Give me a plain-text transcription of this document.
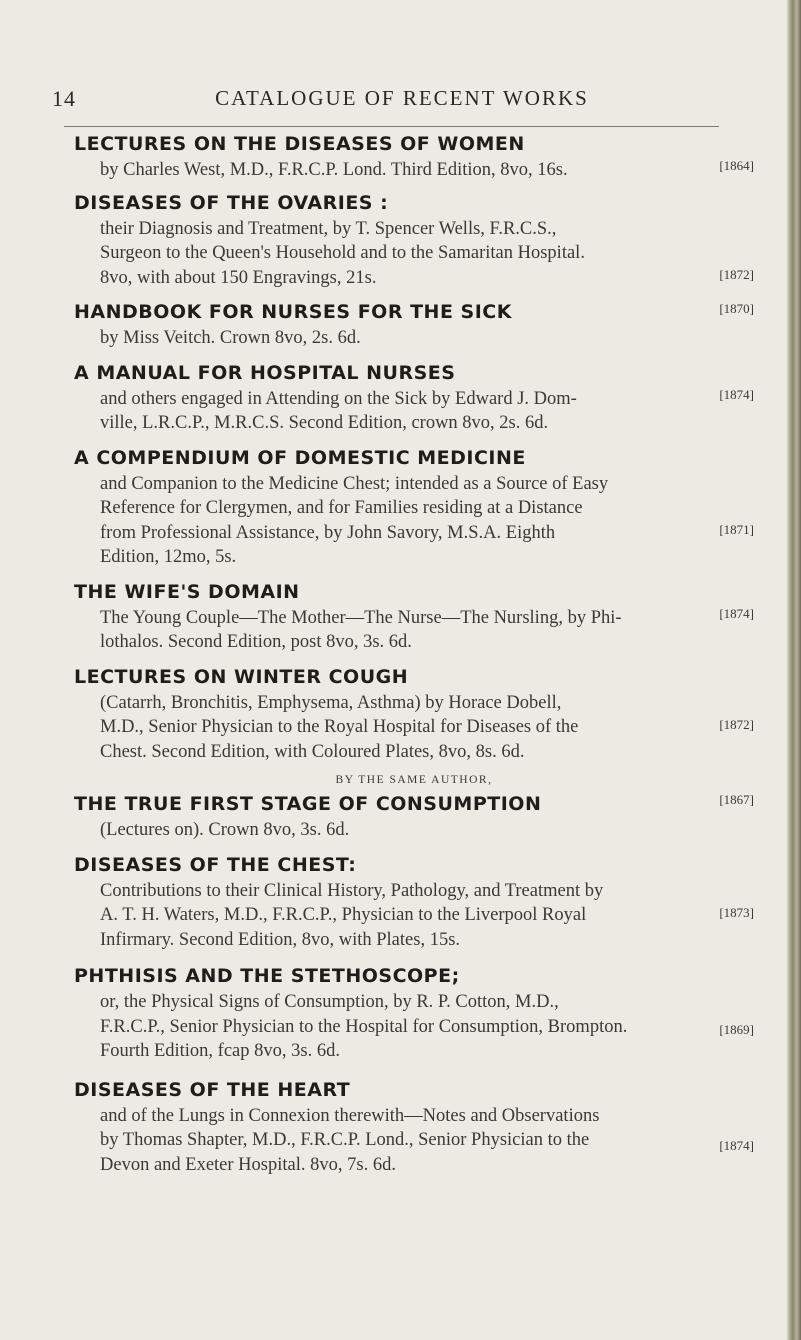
14	CATALOGUE OF RECENT WORKS
LECTURES ON THE DISEASES OF WOMEN
by Charles West, M.D., F.R.C.P. Lond. Third Edition, 8vo, 16s.	[1864]
DISEASES OF THE OVARIES :
their Diagnosis and Treatment, by T. Spencer Wells, F.R.C.S.,
Surgeon to the Queen's Household and to the Samaritan Hospital.
8vo, with about 150 Engravings, 21s.	[1872]
HANDBOOK FOR NURSES FOR THE SICK
by Miss Veitch. Crown 8vo, 2s. 6d.
[1870]
A MANUAL FOR HOSPITAL NURSES
and others engaged in Attending on the Sick by Edward J. Dom-
ville, L.R.C.P., M.R.C.S. Second Edition, crown 8vo, 2s. 6d.
[1874]
A COMPENDIUM OF DOMESTIC MEDICINE
and Companion to the Medicine Chest; intended as a Source of Easy
Reference for Clergymen, and for Families residing at a Distance
from Professional Assistance, by John Savory, M.S.A. Eighth
Edition, 12mo, 5s.
[1871]
THE WIFE'S DOMAIN
The Young Couple—The Mother—The Nurse—The Nursling, by Phi-
lothalos. Second Edition, post 8vo, 3s. 6d.
[1874]
LECTURES ON WINTER COUGH
(Catarrh, Bronchitis, Emphysema, Asthma) by Horace Dobell,
M.D., Senior Physician to the Royal Hospital for Diseases of the
Chest. Second Edition, with Coloured Plates, 8vo, 8s. 6d.
[1872]
BY THE SAME AUTHOR,
THE TRUE FIRST STAGE OF CONSUMPTION
(Lectures on). Crown 8vo, 3s. 6d.
[1867]
DISEASES OF THE CHEST:
Contributions to their Clinical History, Pathology, and Treatment by
A. T. H. Waters, M.D., F.R.C.P., Physician to the Liverpool Royal
Infirmary. Second Edition, 8vo, with Plates, 15s.
[1873]
PHTHISIS AND THE STETHOSCOPE;
or, the Physical Signs of Consumption, by R. P. Cotton, M.D.,
F.R.C.P., Senior Physician to the Hospital for Consumption, Brompton.
Fourth Edition, fcap 8vo, 3s. 6d.
[1869]
DISEASES OF THE HEART
and of the Lungs in Connexion therewith—Notes and Observations
by Thomas Shapter, M.D., F.R.C.P. Lond., Senior Physician to the
Devon and Exeter Hospital. 8vo, 7s. 6d.
[1874]
